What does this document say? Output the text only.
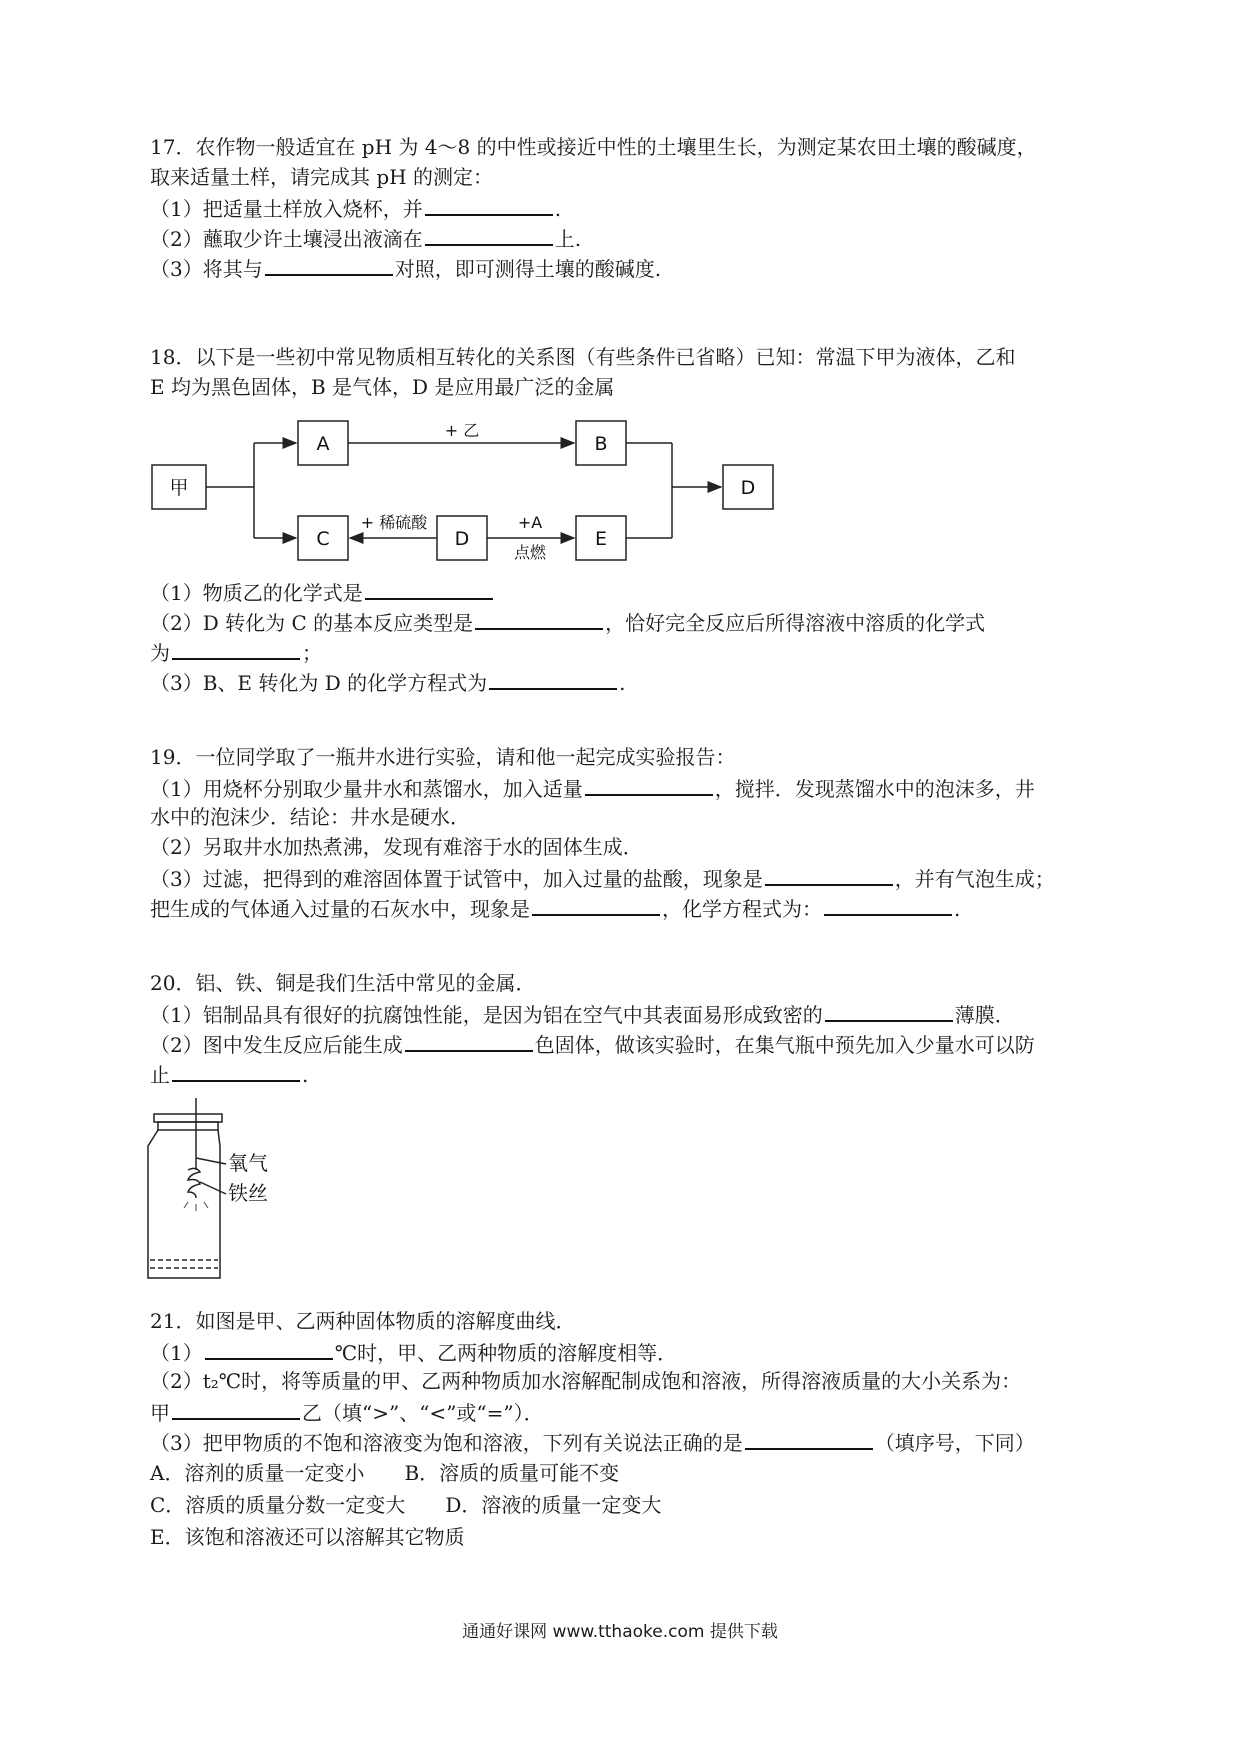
17．农作物一般适宜在 pH 为 4～8 的中性或接近中性的土壤里生长，为测定某农田土壤的酸碱度，
取来适量土样，请完成其 pH 的测定：
（1）把适量土样放入烧杯，并	.
（2）蘸取少许土壤浸出液滴在	上.
（3）将其与	对照，即可测得土壤的酸碱度.
18．以下是一些初中常见物质相互转化的关系图（有些条件已省略）已知：常温下甲为液体，乙和
E 均为黑色固体，B 是气体，D 是应用最广泛的金属
甲
A	B
C	D	E
D
+ 乙
+ 稀硫酸	+A
点燃
（1）物质乙的化学式是
（2）D 转化为 C 的基本反应类型是	，恰好完全反应后所得溶液中溶质的化学式
为	；
（3）B、E 转化为 D 的化学方程式为	.
19．一位同学取了一瓶井水进行实验，请和他一起完成实验报告：
（1）用烧杯分别取少量井水和蒸馏水，加入适量	，搅拌．发现蒸馏水中的泡沫多，井
水中的泡沫少．结论：井水是硬水．
（2）另取井水加热煮沸，发现有难溶于水的固体生成．
（3）过滤，把得到的难溶固体置于试管中，加入过量的盐酸，现象是	，并有气泡生成；
把生成的气体通入过量的石灰水中，现象是	，化学方程式为：	.
20．铝、铁、铜是我们生活中常见的金属．
（1）铝制品具有很好的抗腐蚀性能，是因为铝在空气中其表面易形成致密的	薄膜．
（2）图中发生反应后能生成	色固体，做该实验时，在集气瓶中预先加入少量水可以防
止	.
氧气
铁丝
21．如图是甲、乙两种固体物质的溶解度曲线．
（1）	℃时，甲、乙两种物质的溶解度相等．
（2）t₂℃时，将等质量的甲、乙两种物质加水溶解配制成饱和溶液，所得溶液质量的大小关系为：
甲	乙（填“>”、“<”或“=”）．
（3）把甲物质的不饱和溶液变为饱和溶液，下列有关说法正确的是	（填序号，下同）
A．溶剂的质量一定变小 B．溶质的质量可能不变
C．溶质的质量分数一定变大 D．溶液的质量一定变大
E．该饱和溶液还可以溶解其它物质
通通好课网 www.tthaoke.com 提供下载
